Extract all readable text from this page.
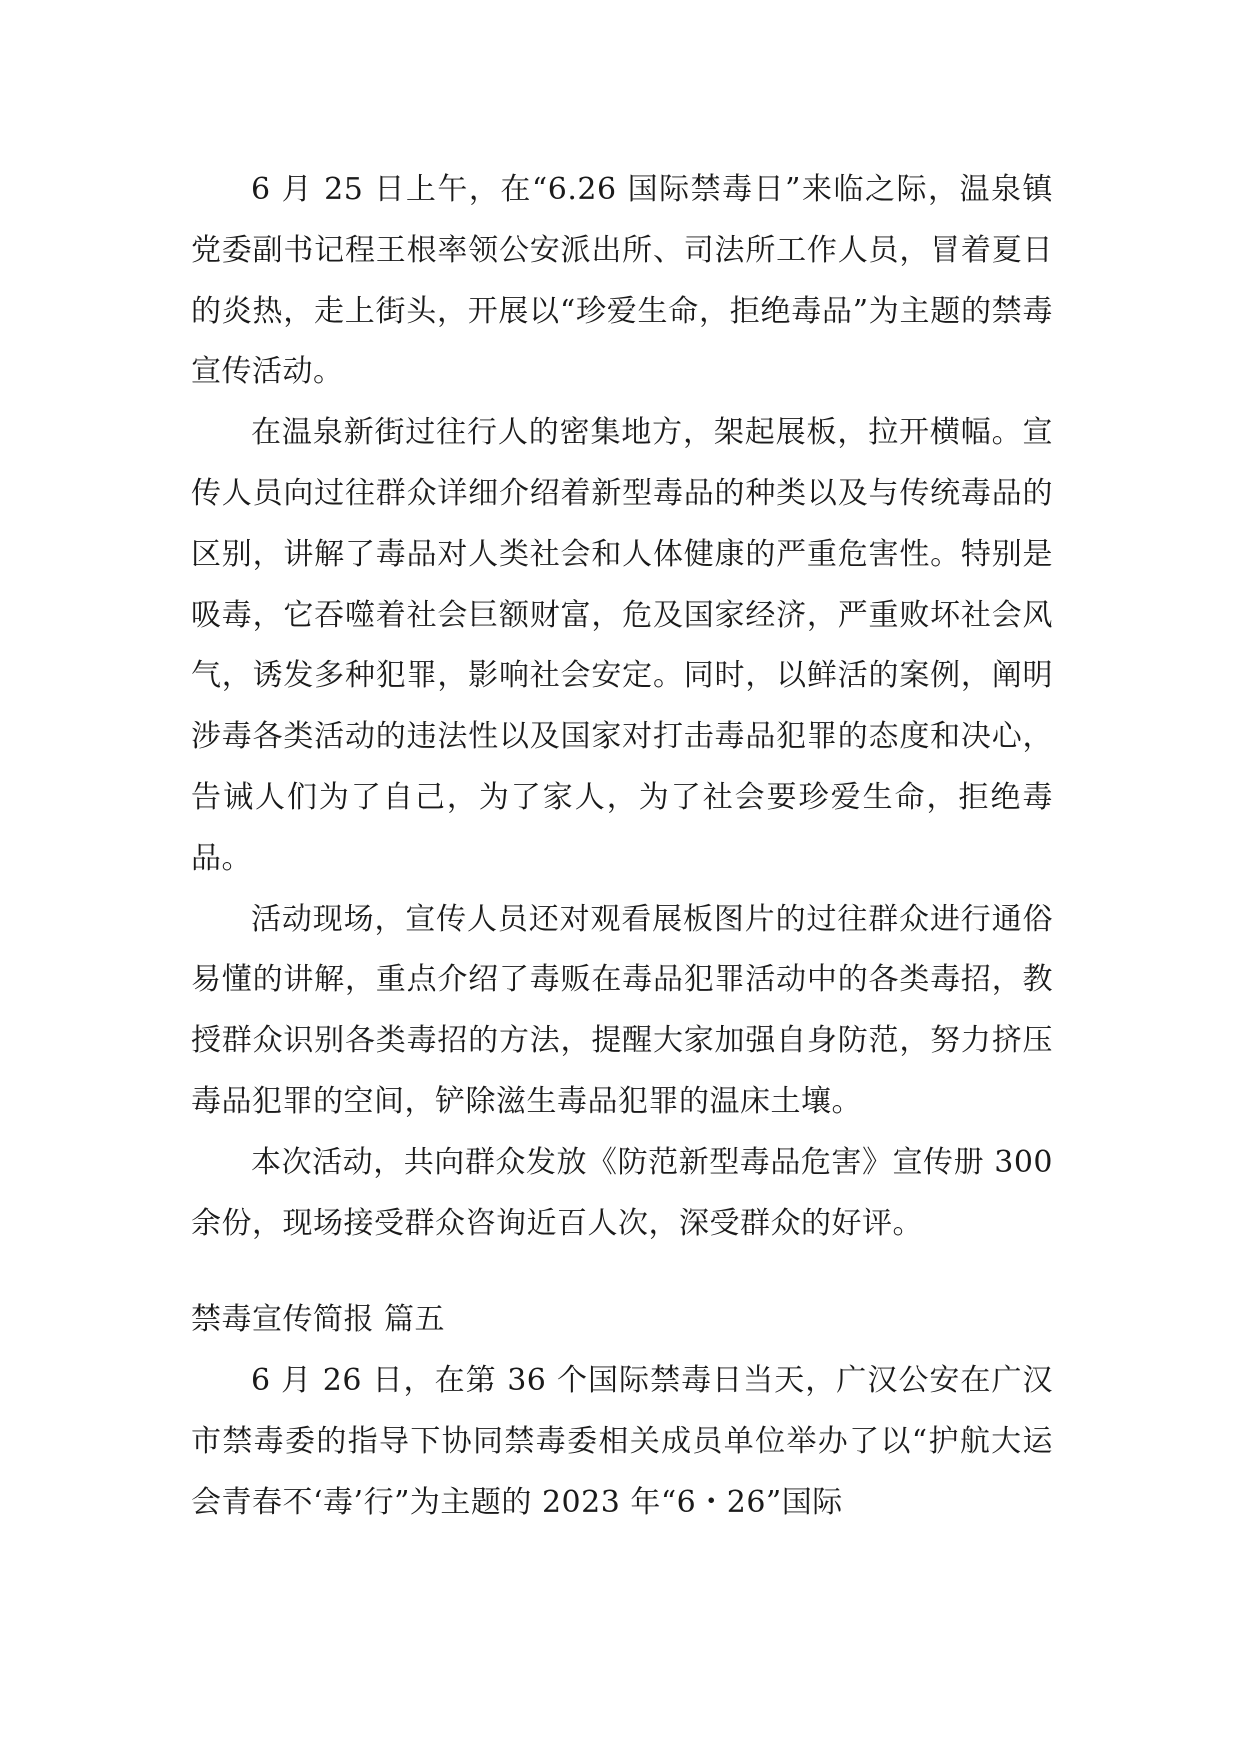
6 月 25 日上午，在“6.26 国际禁毒日”来临之际，温泉镇党委副书记程王根率领公安派出所、司法所工作人员，冒着夏日的炎热，走上街头，开展以“珍爱生命，拒绝毒品”为主题的禁毒宣传活动。

在温泉新街过往行人的密集地方，架起展板，拉开横幅。宣传人员向过往群众详细介绍着新型毒品的种类以及与传统毒品的区别，讲解了毒品对人类社会和人体健康的严重危害性。特别是吸毒，它吞噬着社会巨额财富，危及国家经济，严重败坏社会风气，诱发多种犯罪，影响社会安定。同时，以鲜活的案例，阐明涉毒各类活动的违法性以及国家对打击毒品犯罪的态度和决心，告诫人们为了自己，为了家人，为了社会要珍爱生命，拒绝毒品。

活动现场，宣传人员还对观看展板图片的过往群众进行通俗易懂的讲解，重点介绍了毒贩在毒品犯罪活动中的各类毒招，教授群众识别各类毒招的方法，提醒大家加强自身防范，努力挤压毒品犯罪的空间，铲除滋生毒品犯罪的温床土壤。

本次活动，共向群众发放《防范新型毒品危害》宣传册 300 余份，现场接受群众咨询近百人次，深受群众的好评。

禁毒宣传简报 篇五

6 月 26 日，在第 36 个国际禁毒日当天，广汉公安在广汉市禁毒委的指导下协同禁毒委相关成员单位举办了以“护航大运会青春不‘毒’行”为主题的 2023 年“6・26”国际
